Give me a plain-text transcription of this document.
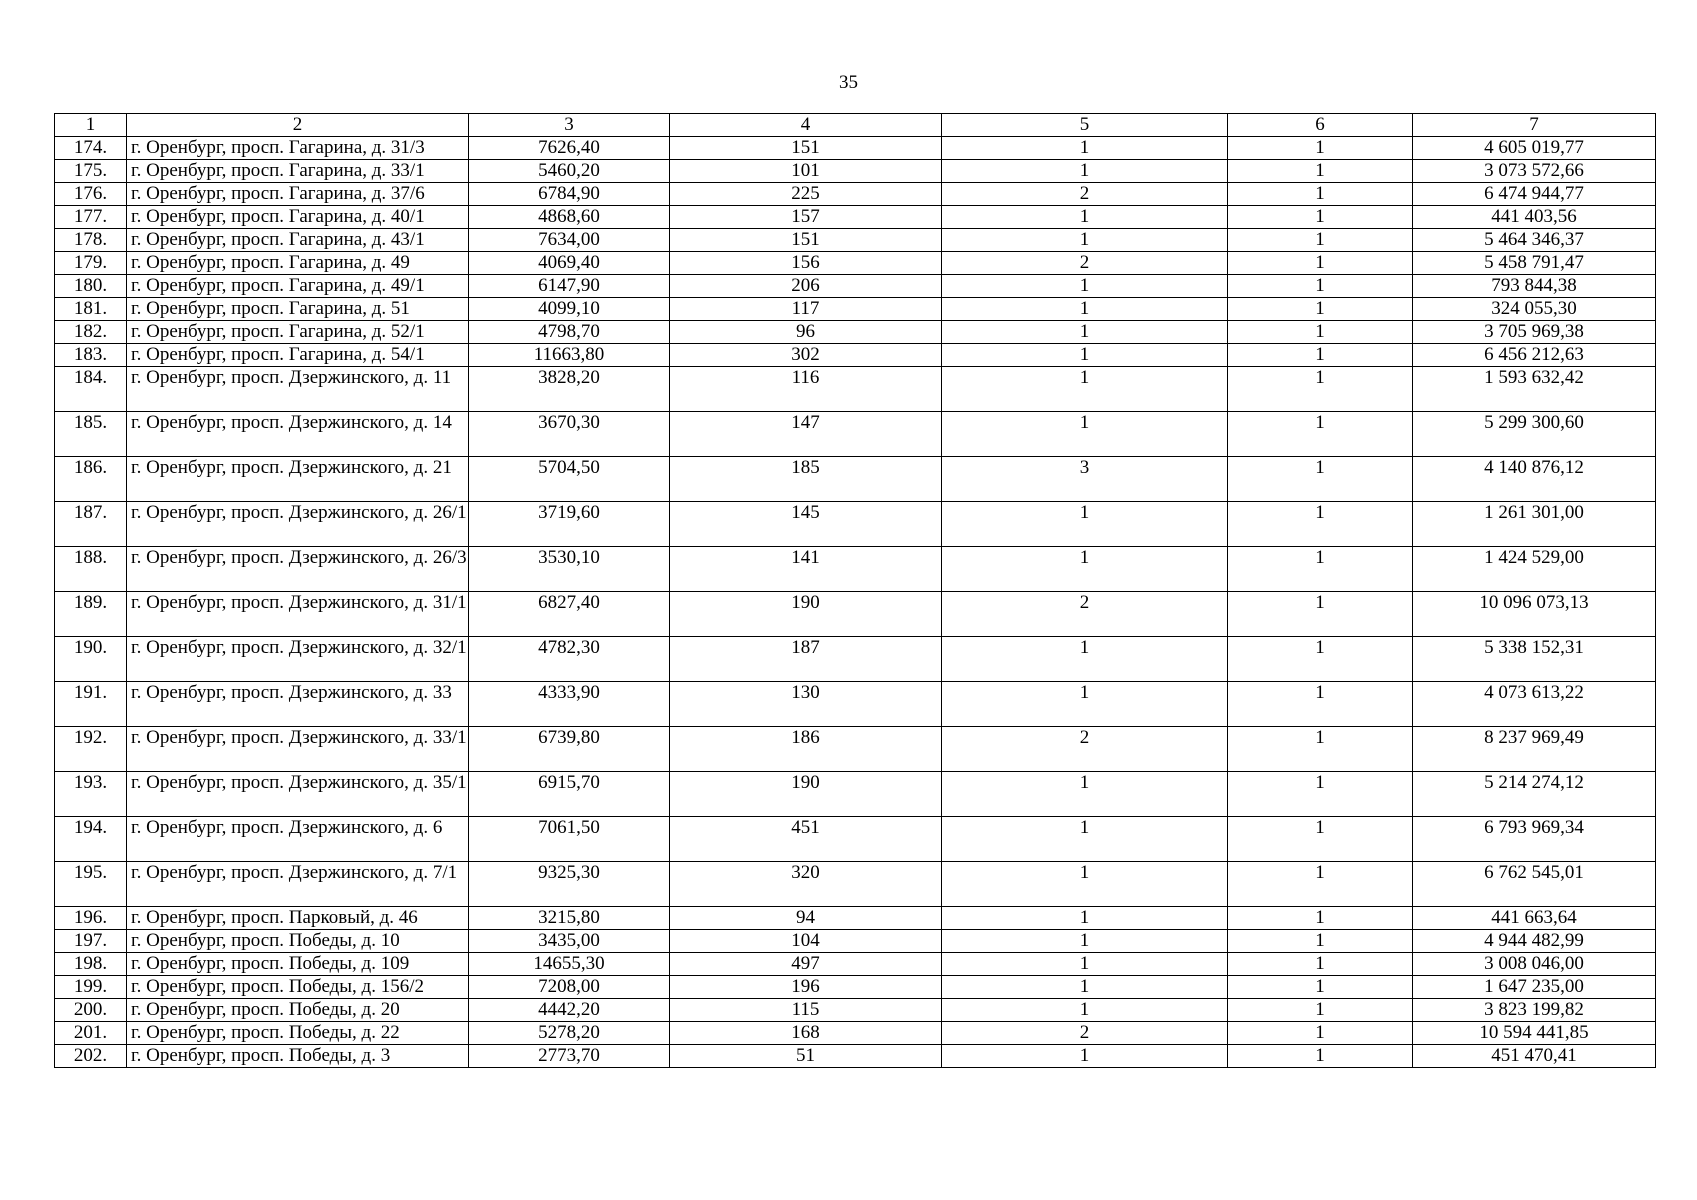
35
1	2	3	4	5	6	7
174.	г. Оренбург, просп. Гагарина, д. 31/3	7626,40	151	1	1	4 605 019,77
175.	г. Оренбург, просп. Гагарина, д. 33/1	5460,20	101	1	1	3 073 572,66
176.	г. Оренбург, просп. Гагарина, д. 37/6	6784,90	225	2	1	6 474 944,77
177.	г. Оренбург, просп. Гагарина, д. 40/1	4868,60	157	1	1	441 403,56
178.	г. Оренбург, просп. Гагарина, д. 43/1	7634,00	151	1	1	5 464 346,37
179.	г. Оренбург, просп. Гагарина, д. 49	4069,40	156	2	1	5 458 791,47
180.	г. Оренбург, просп. Гагарина, д. 49/1	6147,90	206	1	1	793 844,38
181.	г. Оренбург, просп. Гагарина, д. 51	4099,10	117	1	1	324 055,30
182.	г. Оренбург, просп. Гагарина, д. 52/1	4798,70	96	1	1	3 705 969,38
183.	г. Оренбург, просп. Гагарина, д. 54/1	11663,80	302	1	1	6 456 212,63
184.	г. Оренбург, просп. Дзержинского, д. 11	3828,20	116	1	1	1 593 632,42
185.	г. Оренбург, просп. Дзержинского, д. 14	3670,30	147	1	1	5 299 300,60
186.	г. Оренбург, просп. Дзержинского, д. 21	5704,50	185	3	1	4 140 876,12
187.	г. Оренбург, просп. Дзержинского, д. 26/1	3719,60	145	1	1	1 261 301,00
188.	г. Оренбург, просп. Дзержинского, д. 26/3	3530,10	141	1	1	1 424 529,00
189.	г. Оренбург, просп. Дзержинского, д. 31/1	6827,40	190	2	1	10 096 073,13
190.	г. Оренбург, просп. Дзержинского, д. 32/1	4782,30	187	1	1	5 338 152,31
191.	г. Оренбург, просп. Дзержинского, д. 33	4333,90	130	1	1	4 073 613,22
192.	г. Оренбург, просп. Дзержинского, д. 33/1	6739,80	186	2	1	8 237 969,49
193.	г. Оренбург, просп. Дзержинского, д. 35/1	6915,70	190	1	1	5 214 274,12
194.	г. Оренбург, просп. Дзержинского, д. 6	7061,50	451	1	1	6 793 969,34
195.	г. Оренбург, просп. Дзержинского, д. 7/1	9325,30	320	1	1	6 762 545,01
196.	г. Оренбург, просп. Парковый, д. 46	3215,80	94	1	1	441 663,64
197.	г. Оренбург, просп. Победы, д. 10	3435,00	104	1	1	4 944 482,99
198.	г. Оренбург, просп. Победы, д. 109	14655,30	497	1	1	3 008 046,00
199.	г. Оренбург, просп. Победы, д. 156/2	7208,00	196	1	1	1 647 235,00
200.	г. Оренбург, просп. Победы, д. 20	4442,20	115	1	1	3 823 199,82
201.	г. Оренбург, просп. Победы, д. 22	5278,20	168	2	1	10 594 441,85
202.	г. Оренбург, просп. Победы, д. 3	2773,70	51	1	1	451 470,41
